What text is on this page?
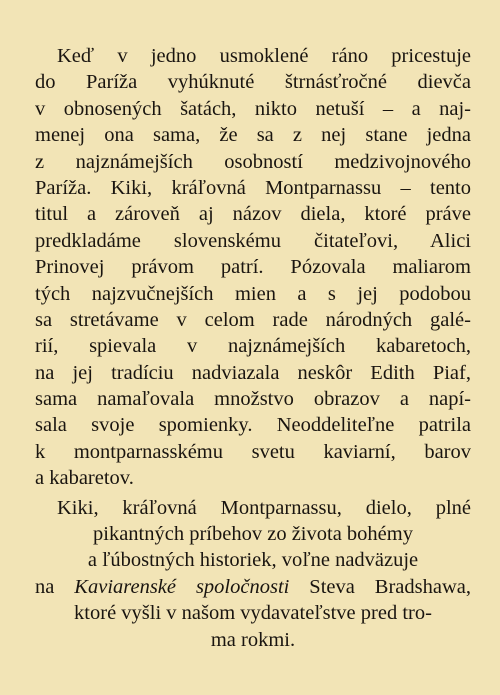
Keď v jedno usmoklené ráno pricestuje
do Paríža vyhúknuté štrnásťročné dievča
v obnosených šatách, nikto netuší – a naj-
menej ona sama, že sa z nej stane jedna
z najznámejších osobností medzivojnového
Paríža. Kiki, kráľovná Montparnassu – tento
titul a zároveň aj názov diela, ktoré práve
predkladáme slovenskému čitateľovi, Alici
Prinovej právom patrí. Pózovala maliarom
tých najzvučnejších mien a s jej podobou
sa stretávame v celom rade národných galé-
rií, spievala v najznámejších kabaretoch,
na jej tradíciu nadviazala neskôr Edith Piaf,
sama namaľovala množstvo obrazov a napí-
sala svoje spomienky. Neoddeliteľne patrila
k montparnasskému svetu kaviarní, barov
a kabaretov.
Kiki, kráľovná Montparnassu, dielo, plné
pikantných príbehov zo života bohémy
a ľúbostných historiek, voľne nadväzuje
na Kaviarenské spoločnosti Steva Bradshawa,
ktoré vyšli v našom vydavateľstve pred tro-
ma rokmi.
